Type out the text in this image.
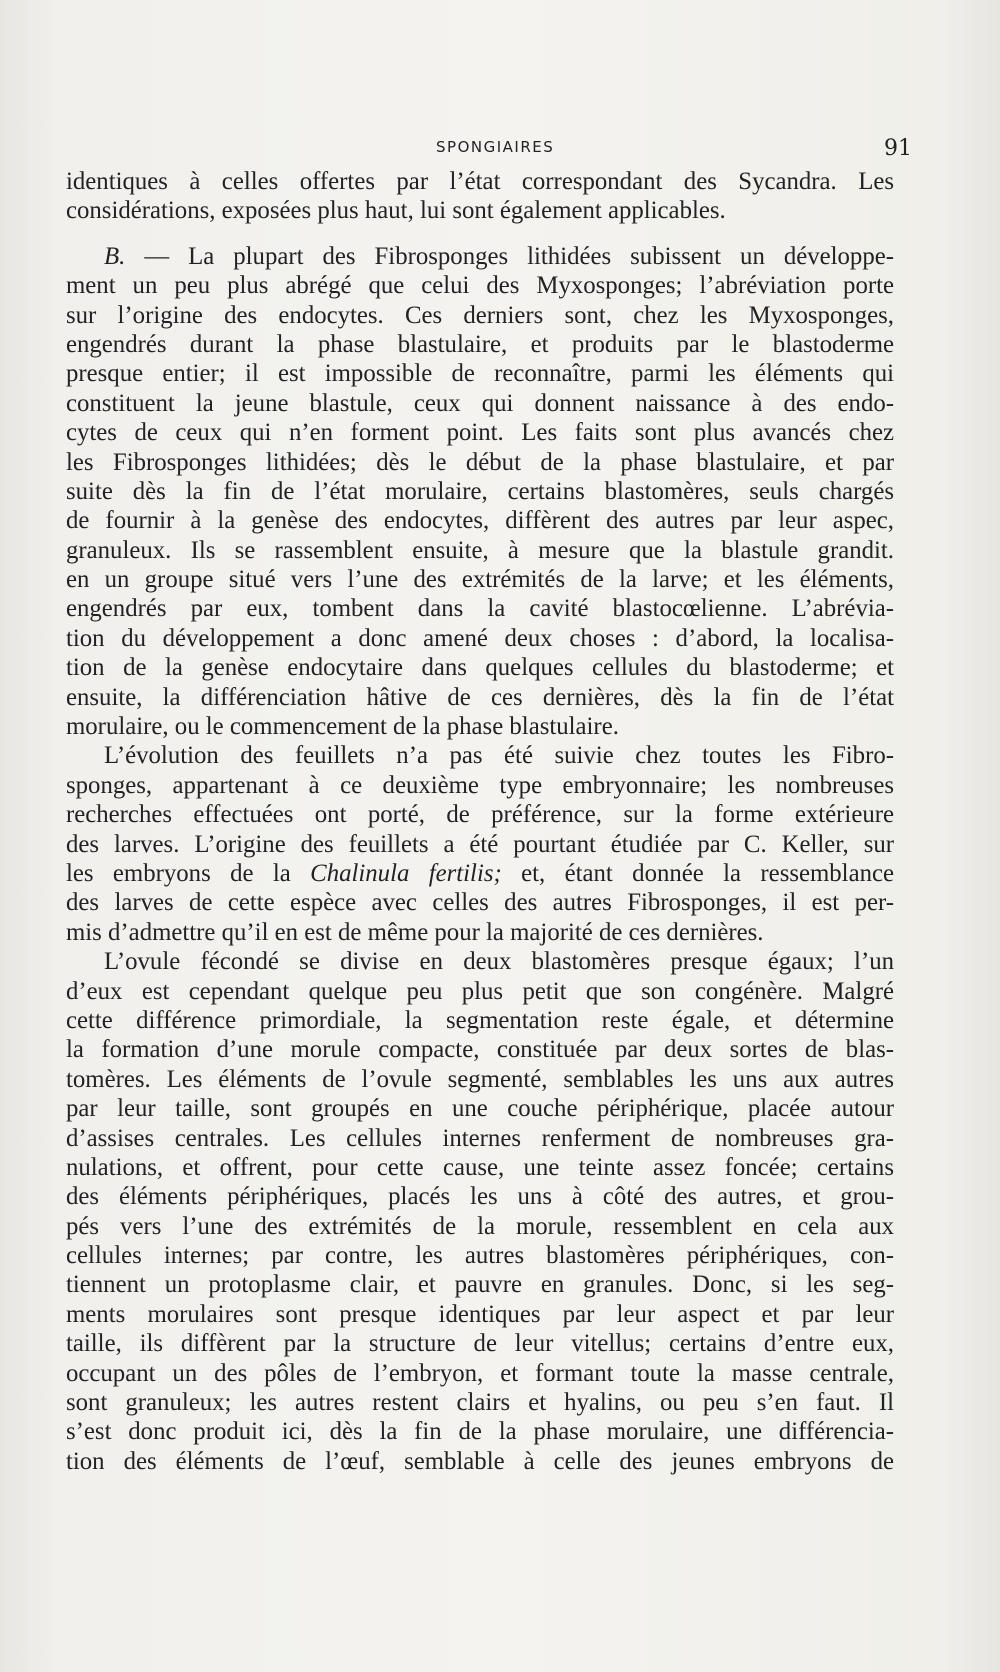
SPONGIAIRES	91
identiques à celles offertes par l’état correspondant des Sycandra. Les
considérations, exposées plus haut, lui sont également applicables.
B. — La plupart des Fibrosponges lithidées subissent un développe-
ment un peu plus abrégé que celui des Myxosponges; l’abréviation porte
sur l’origine des endocytes. Ces derniers sont, chez les Myxosponges,
engendrés durant la phase blastulaire, et produits par le blastoderme
presque entier; il est impossible de reconnaître, parmi les éléments qui
constituent la jeune blastule, ceux qui donnent naissance à des endo-
cytes de ceux qui n’en forment point. Les faits sont plus avancés chez
les Fibrosponges lithidées; dès le début de la phase blastulaire, et par
suite dès la fin de l’état morulaire, certains blastomères, seuls chargés
de fournir à la genèse des endocytes, diffèrent des autres par leur aspec,
granuleux. Ils se rassemblent ensuite, à mesure que la blastule grandit.
en un groupe situé vers l’une des extrémités de la larve; et les éléments,
engendrés par eux, tombent dans la cavité blastocœlienne. L’abrévia-
tion du développement a donc amené deux choses : d’abord, la localisa-
tion de la genèse endocytaire dans quelques cellules du blastoderme; et
ensuite, la différenciation hâtive de ces dernières, dès la fin de l’état
morulaire, ou le commencement de la phase blastulaire.
L’évolution des feuillets n’a pas été suivie chez toutes les Fibro-
sponges, appartenant à ce deuxième type embryonnaire; les nombreuses
recherches effectuées ont porté, de préférence, sur la forme extérieure
des larves. L’origine des feuillets a été pourtant étudiée par C. Keller, sur
les embryons de la Chalinula fertilis; et, étant donnée la ressemblance
des larves de cette espèce avec celles des autres Fibrosponges, il est per-
mis d’admettre qu’il en est de même pour la majorité de ces dernières.
L’ovule fécondé se divise en deux blastomères presque égaux; l’un
d’eux est cependant quelque peu plus petit que son congénère. Malgré
cette différence primordiale, la segmentation reste égale, et détermine
la formation d’une morule compacte, constituée par deux sortes de blas-
tomères. Les éléments de l’ovule segmenté, semblables les uns aux autres
par leur taille, sont groupés en une couche périphérique, placée autour
d’assises centrales. Les cellules internes renferment de nombreuses gra-
nulations, et offrent, pour cette cause, une teinte assez foncée; certains
des éléments périphériques, placés les uns à côté des autres, et grou-
pés vers l’une des extrémités de la morule, ressemblent en cela aux
cellules internes; par contre, les autres blastomères périphériques, con-
tiennent un protoplasme clair, et pauvre en granules. Donc, si les seg-
ments morulaires sont presque identiques par leur aspect et par leur
taille, ils diffèrent par la structure de leur vitellus; certains d’entre eux,
occupant un des pôles de l’embryon, et formant toute la masse centrale,
sont granuleux; les autres restent clairs et hyalins, ou peu s’en faut. Il
s’est donc produit ici, dès la fin de la phase morulaire, une différencia-
tion des éléments de l’œuf, semblable à celle des jeunes embryons de
